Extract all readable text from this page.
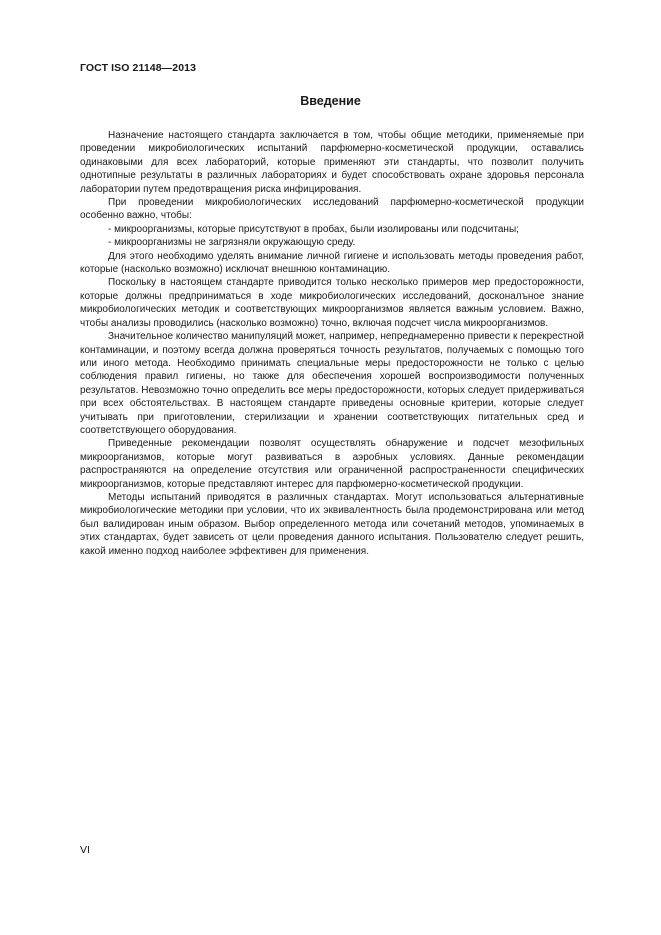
ГОСТ ISO 21148—2013
Введение

Назначение настоящего стандарта заключается в том, чтобы общие методики, применяемые при проведении микробиологических испытаний парфюмерно-косметической продукции, оставались одинаковыми для всех лабораторий, которые применяют эти стандарты, что позволит получить однотипные результаты в различных лабораториях и будет способствовать охране здоровья персонала лаборатории путем предотвращения риска инфицирования.

При проведении микробиологических исследований парфюмерно-косметической продукции особенно важно, чтобы:

- микроорганизмы, которые присутствуют в пробах, были изолированы или подсчитаны;

- микроорганизмы не загрязняли окружающую среду.

Для этого необходимо уделять внимание личной гигиене и использовать методы проведения работ, которые (насколько возможно) исключат внешнюю контаминацию.

Поскольку в настоящем стандарте приводится только несколько примеров мер предосторожности, которые должны предприниматься в ходе микробиологических исследований, досконалъное знание микробиологических методик и соответствующих микроорганизмов является важным условием. Важно, чтобы анализы проводились (насколько возможно) точно, включая подсчет числа микроорганизмов.

Значительное количество манипуляций может, например, непреднамеренно привести к перекрестной контаминации, и поэтому всегда должна проверяться точность результатов, получаемых с помощью того или иного метода. Необходимо принимать специальные меры предосторожности не только с целью соблюдения правил гигиены, но также для обеспечения хорошей воспроизводимости полученных результатов. Невозможно точно определить все меры предосторожности, которых следует придерживаться при всех обстоятельствах. В настоящем стандарте приведены основные критерии, которые следует учитывать при приготовлении, стерилизации и хранении соответствующих питательных сред и соответствующего оборудования.

Приведенные рекомендации позволят осуществлять обнаружение и подсчет мезофильных микроорганизмов, которые могут развиваться в аэробных условиях. Данные рекомендации распространяются на определение отсутствия или ограниченной распространенности специфических микроорганизмов, которые представляют интерес для парфюмерно-косметической продукции.

Методы испытаний приводятся в различных стандартах. Могут использоваться альтернативные микробиологические методики при условии, что их эквивалентность была продемонстрирована или метод был валидирован иным образом. Выбор определенного метода или сочетаний методов, упоминаемых в этих стандартах, будет зависеть от цели проведения данного испытания. Пользователю следует решить, какой именно подход наиболее эффективен для применения.

VI
